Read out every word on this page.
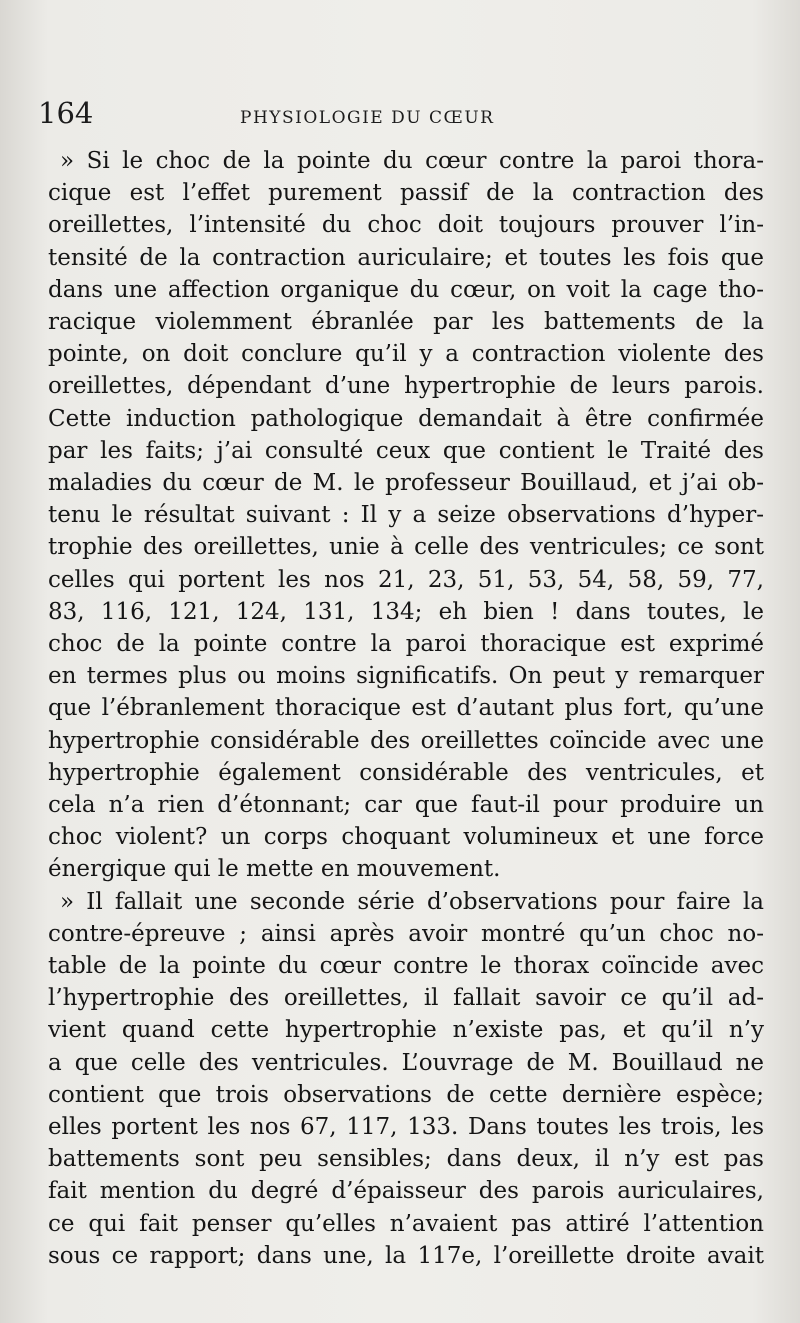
164	PHYSIOLOGIE DU CŒUR
» Si le choc de la pointe du cœur contre la paroi thora-
cique est l’effet purement passif de la contraction des
oreillettes, l’intensité du choc doit toujours prouver l’in-
tensité de la contraction auriculaire; et toutes les fois que
dans une affection organique du cœur, on voit la cage tho-
racique violemment ébranlée par les battements de la
pointe, on doit conclure qu’il y a contraction violente des
oreillettes, dépendant d’une hypertrophie de leurs parois.
Cette induction pathologique demandait à être confirmée
par les faits; j’ai consulté ceux que contient le Traité des
maladies du cœur de M. le professeur Bouillaud, et j’ai ob-
tenu le résultat suivant : Il y a seize observations d’hyper-
trophie des oreillettes, unie à celle des ventricules; ce sont
celles qui portent les nos 21, 23, 51, 53, 54, 58, 59, 77,
83, 116, 121, 124, 131, 134; eh bien ! dans toutes, le
choc de la pointe contre la paroi thoracique est exprimé
en termes plus ou moins significatifs. On peut y remarquer
que l’ébranlement thoracique est d’autant plus fort, qu’une
hypertrophie considérable des oreillettes coïncide avec une
hypertrophie également considérable des ventricules, et
cela n’a rien d’étonnant; car que faut-il pour produire un
choc violent? un corps choquant volumineux et une force
énergique qui le mette en mouvement.
» Il fallait une seconde série d’observations pour faire la
contre-épreuve ; ainsi après avoir montré qu’un choc no-
table de la pointe du cœur contre le thorax coïncide avec
l’hypertrophie des oreillettes, il fallait savoir ce qu’il ad-
vient quand cette hypertrophie n’existe pas, et qu’il n’y
a que celle des ventricules. L’ouvrage de M. Bouillaud ne
contient que trois observations de cette dernière espèce;
elles portent les nos 67, 117, 133. Dans toutes les trois, les
battements sont peu sensibles; dans deux, il n’y est pas
fait mention du degré d’épaisseur des parois auriculaires,
ce qui fait penser qu’elles n’avaient pas attiré l’attention
sous ce rapport; dans une, la 117e, l’oreillette droite avait
